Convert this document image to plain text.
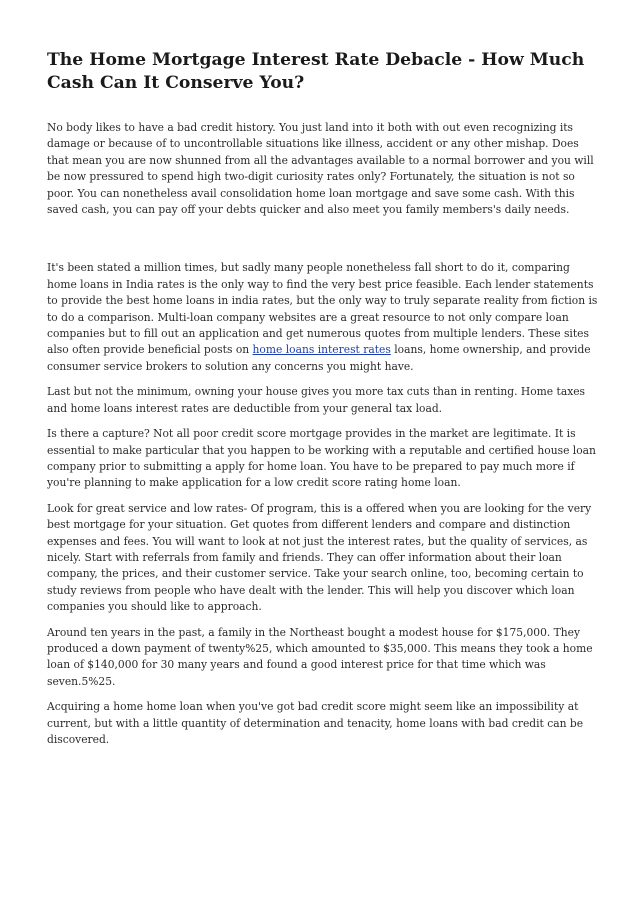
The Home Mortgage Interest Rate Debacle - How Much Cash Can It Conserve You?

No body likes to have a bad credit history. You just land into it both with out even recognizing its damage or because of to uncontrollable situations like illness, accident or any other mishap. Does that mean you are now shunned from all the advantages available to a normal borrower and you will be now pressured to spend high two-digit curiosity rates only? Fortunately, the situation is not so poor. You can nonetheless avail consolidation home loan mortgage and save some cash. With this saved cash, you can pay off your debts quicker and also meet you family members's daily needs.

It's been stated a million times, but sadly many people nonetheless fall short to do it, comparing home loans in India rates is the only way to find the very best price feasible. Each lender statements to provide the best home loans in india rates, but the only way to truly separate reality from fiction is to do a comparison. Multi-loan company websites are a great resource to not only compare loan companies but to fill out an application and get numerous quotes from multiple lenders. These sites also often provide beneficial posts on home loans interest rates loans, home ownership, and provide consumer service brokers to solution any concerns you might have.

Last but not the minimum, owning your house gives you more tax cuts than in renting. Home taxes and home loans interest rates are deductible from your general tax load.

Is there a capture? Not all poor credit score mortgage provides in the market are legitimate. It is essential to make particular that you happen to be working with a reputable and certified house loan company prior to submitting a apply for home loan. You have to be prepared to pay much more if you're planning to make application for a low credit score rating home loan.

Look for great service and low rates- Of program, this is a offered when you are looking for the very best mortgage for your situation. Get quotes from different lenders and compare and distinction expenses and fees. You will want to look at not just the interest rates, but the quality of services, as nicely. Start with referrals from family and friends. They can offer information about their loan company, the prices, and their customer service. Take your search online, too, becoming certain to study reviews from people who have dealt with the lender. This will help you discover which loan companies you should like to approach.

Around ten years in the past, a family in the Northeast bought a modest house for $175,000. They produced a down payment of twenty%25, which amounted to $35,000. This means they took a home loan of $140,000 for 30 many years and found a good interest price for that time which was seven.5%25.

Acquiring a home home loan when you've got bad credit score might seem like an impossibility at current, but with a little quantity of determination and tenacity, home loans with bad credit can be discovered.
